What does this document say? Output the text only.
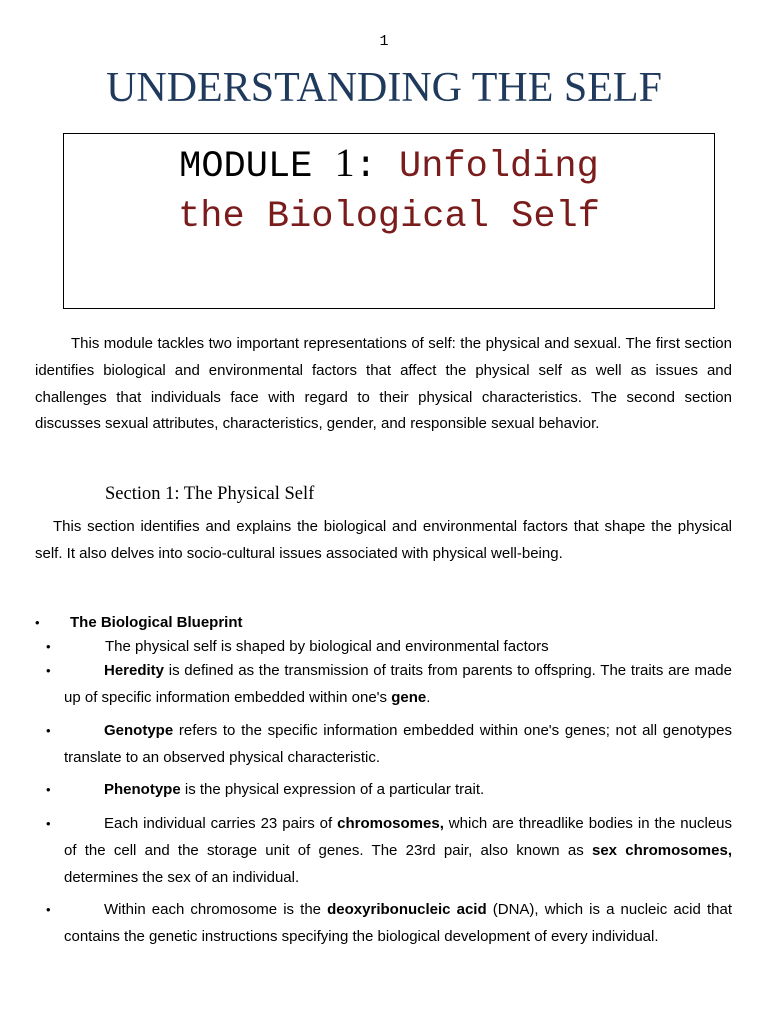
1
UNDERSTANDING THE SELF
MODULE 1: Unfolding
the Biological Self
This module tackles two important representations of self: the physical and sexual. The first section identifies biological and environmental factors that affect the physical self as well as issues and challenges that individuals face with regard to their physical characteristics. The second section discusses sexual attributes, characteristics, gender, and responsible sexual behavior.
Section 1: The Physical Self
This section identifies and explains the biological and environmental factors that shape the physical self. It also delves into socio-cultural issues associated with physical well-being.
• The Biological Blueprint
•	The physical self is shaped by biological and environmental factors
•	Heredity is defined as the transmission of traits from parents to offspring. The traits are made up of specific information embedded within one's gene.
•	Genotype refers to the specific information embedded within one's genes; not all genotypes translate to an observed physical characteristic.
•	Phenotype is the physical expression of a particular trait.
•	Each individual carries 23 pairs of chromosomes, which are threadlike bodies in the nucleus of the cell and the storage unit of genes. The 23rd pair, also known as sex chromosomes, determines the sex of an individual.
•	Within each chromosome is the deoxyribonucleic acid (DNA), which is a nucleic acid that contains the genetic instructions specifying the biological development of every individual.
